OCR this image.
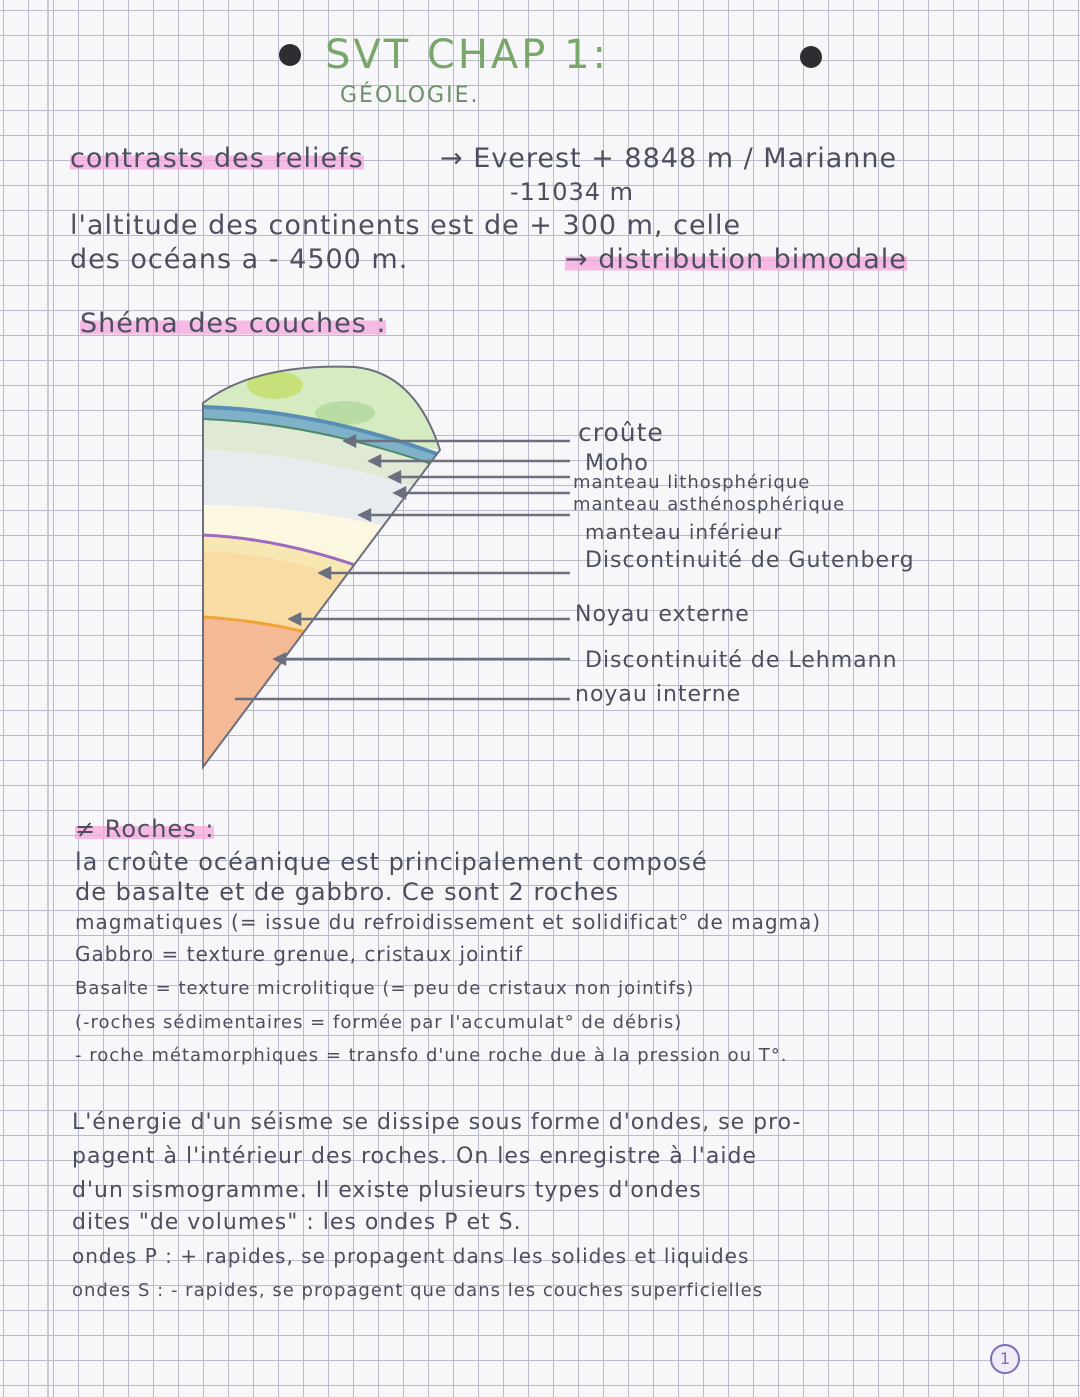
SVT CHAP 1:
GÉOLOGIE.
contrasts des reliefs	→ Everest + 8848 m / Marianne
-11034 m
l'altitude des continents est de + 300 m, celle
des océans a - 4500 m.	→ distribution bimodale
Shéma des couches :
croûte
Moho
manteau lithosphérique
manteau asthénosphérique
manteau inférieur
Discontinuité de Gutenberg
Noyau externe
Discontinuité de Lehmann
noyau interne
≠ Roches :
la croûte océanique est principalement composé
de basalte et de gabbro. Ce sont 2 roches
magmatiques (= issue du refroidissement et solidificat° de magma)
Gabbro = texture grenue, cristaux jointif
Basalte = texture microlitique (= peu de cristaux non jointifs)
(-roches sédimentaires = formée par l'accumulat° de débris)
- roche métamorphiques = transfo d'une roche due à la pression ou T°.
L'énergie d'un séisme se dissipe sous forme d'ondes, se pro-
pagent à l'intérieur des roches. On les enregistre à l'aide
d'un sismogramme. Il existe plusieurs types d'ondes
dites "de volumes" : les ondes P et S.
ondes P : + rapides, se propagent dans les solides et liquides
ondes S : - rapides, se propagent que dans les couches superficielles
1
